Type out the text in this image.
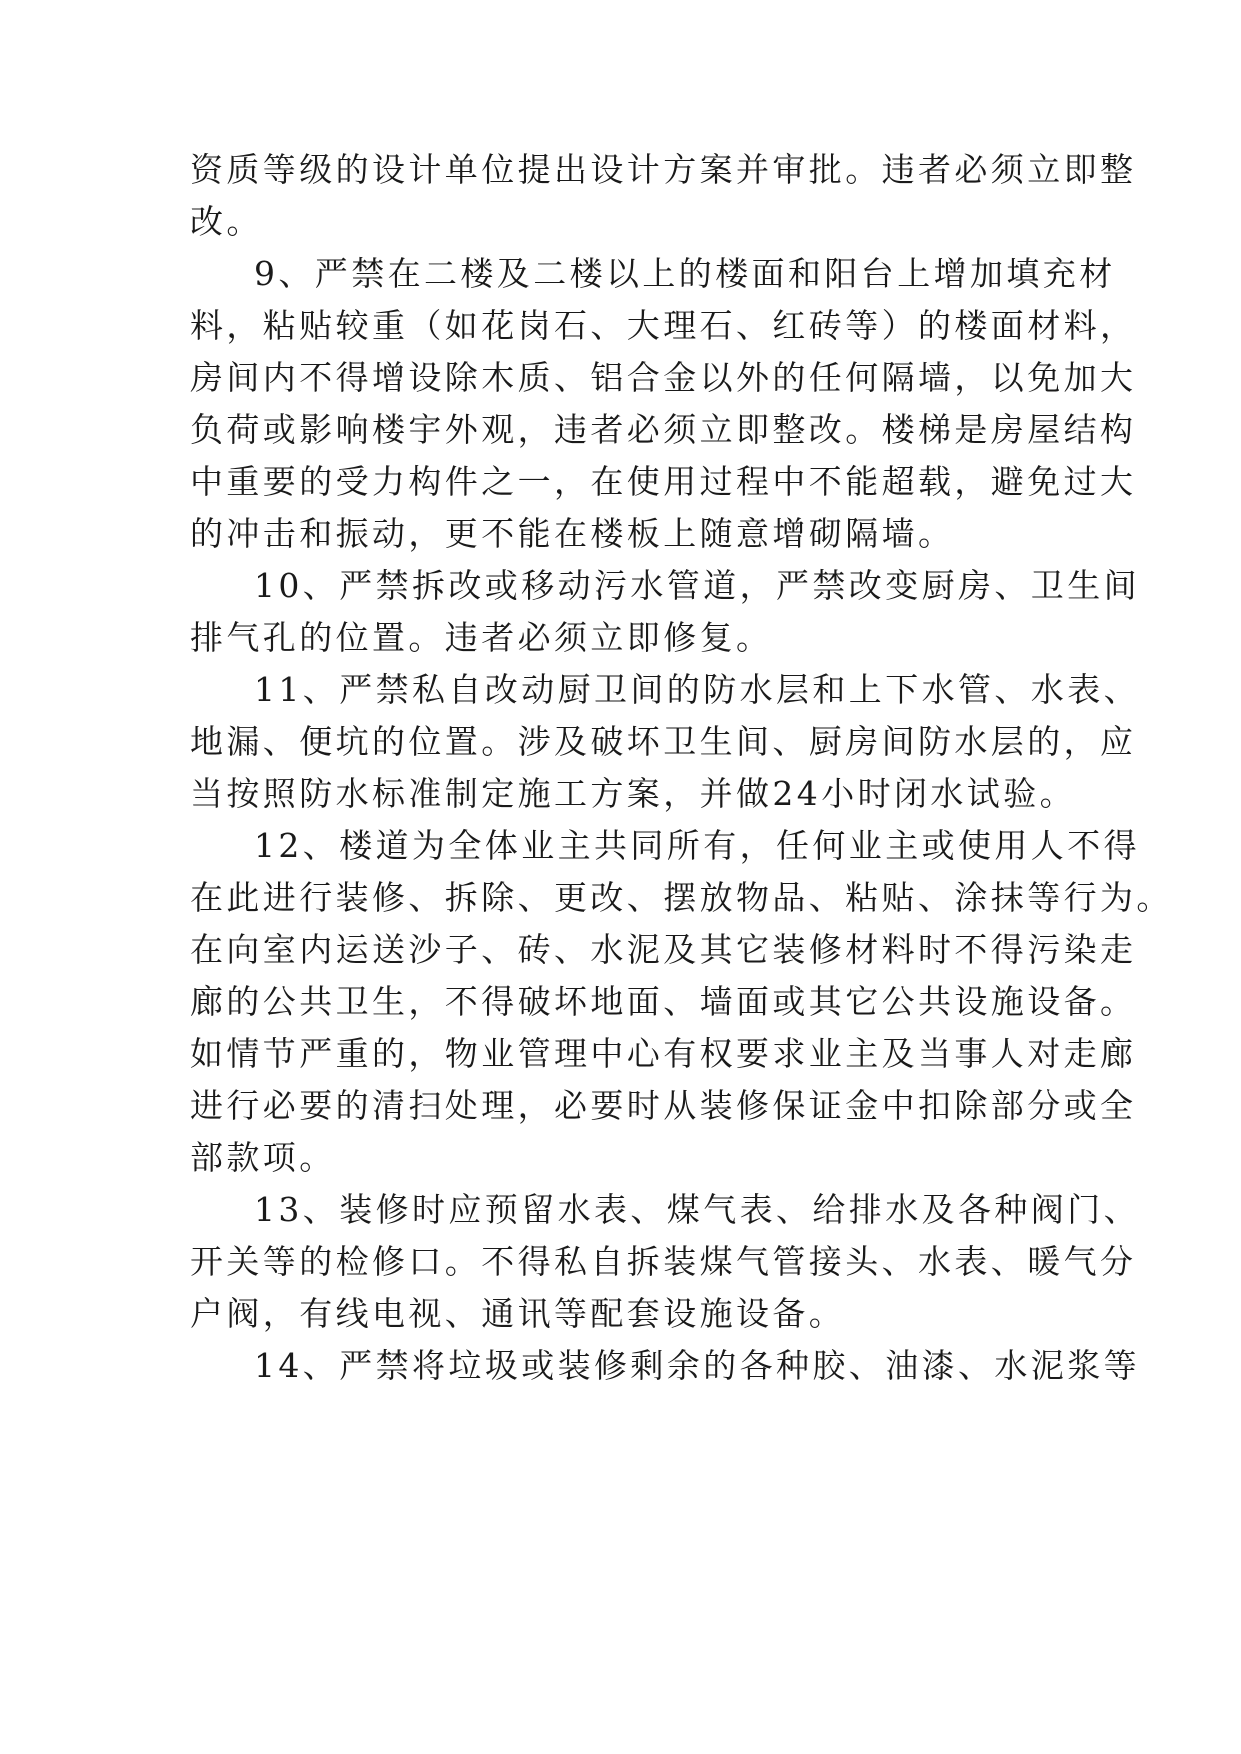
资质等级的设计单位提出设计方案并审批。违者必须立即整
改。
9、严禁在二楼及二楼以上的楼面和阳台上增加填充材
料，粘贴较重（如花岗石、大理石、红砖等）的楼面材料，
房间内不得增设除木质、铝合金以外的任何隔墙，以免加大
负荷或影响楼宇外观，违者必须立即整改。楼梯是房屋结构
中重要的受力构件之一，在使用过程中不能超载，避免过大
的冲击和振动，更不能在楼板上随意增砌隔墙。
10、严禁拆改或移动污水管道，严禁改变厨房、卫生间
排气孔的位置。违者必须立即修复。
11、严禁私自改动厨卫间的防水层和上下水管、水表、
地漏、便坑的位置。涉及破坏卫生间、厨房间防水层的，应
当按照防水标准制定施工方案，并做24小时闭水试验。
12、楼道为全体业主共同所有，任何业主或使用人不得
在此进行装修、拆除、更改、摆放物品、粘贴、涂抹等行为。
在向室内运送沙子、砖、水泥及其它装修材料时不得污染走
廊的公共卫生，不得破坏地面、墙面或其它公共设施设备。
如情节严重的，物业管理中心有权要求业主及当事人对走廊
进行必要的清扫处理，必要时从装修保证金中扣除部分或全
部款项。
13、装修时应预留水表、煤气表、给排水及各种阀门、
开关等的检修口。不得私自拆装煤气管接头、水表、暖气分
户阀，有线电视、通讯等配套设施设备。
14、严禁将垃圾或装修剩余的各种胶、油漆、水泥浆等
